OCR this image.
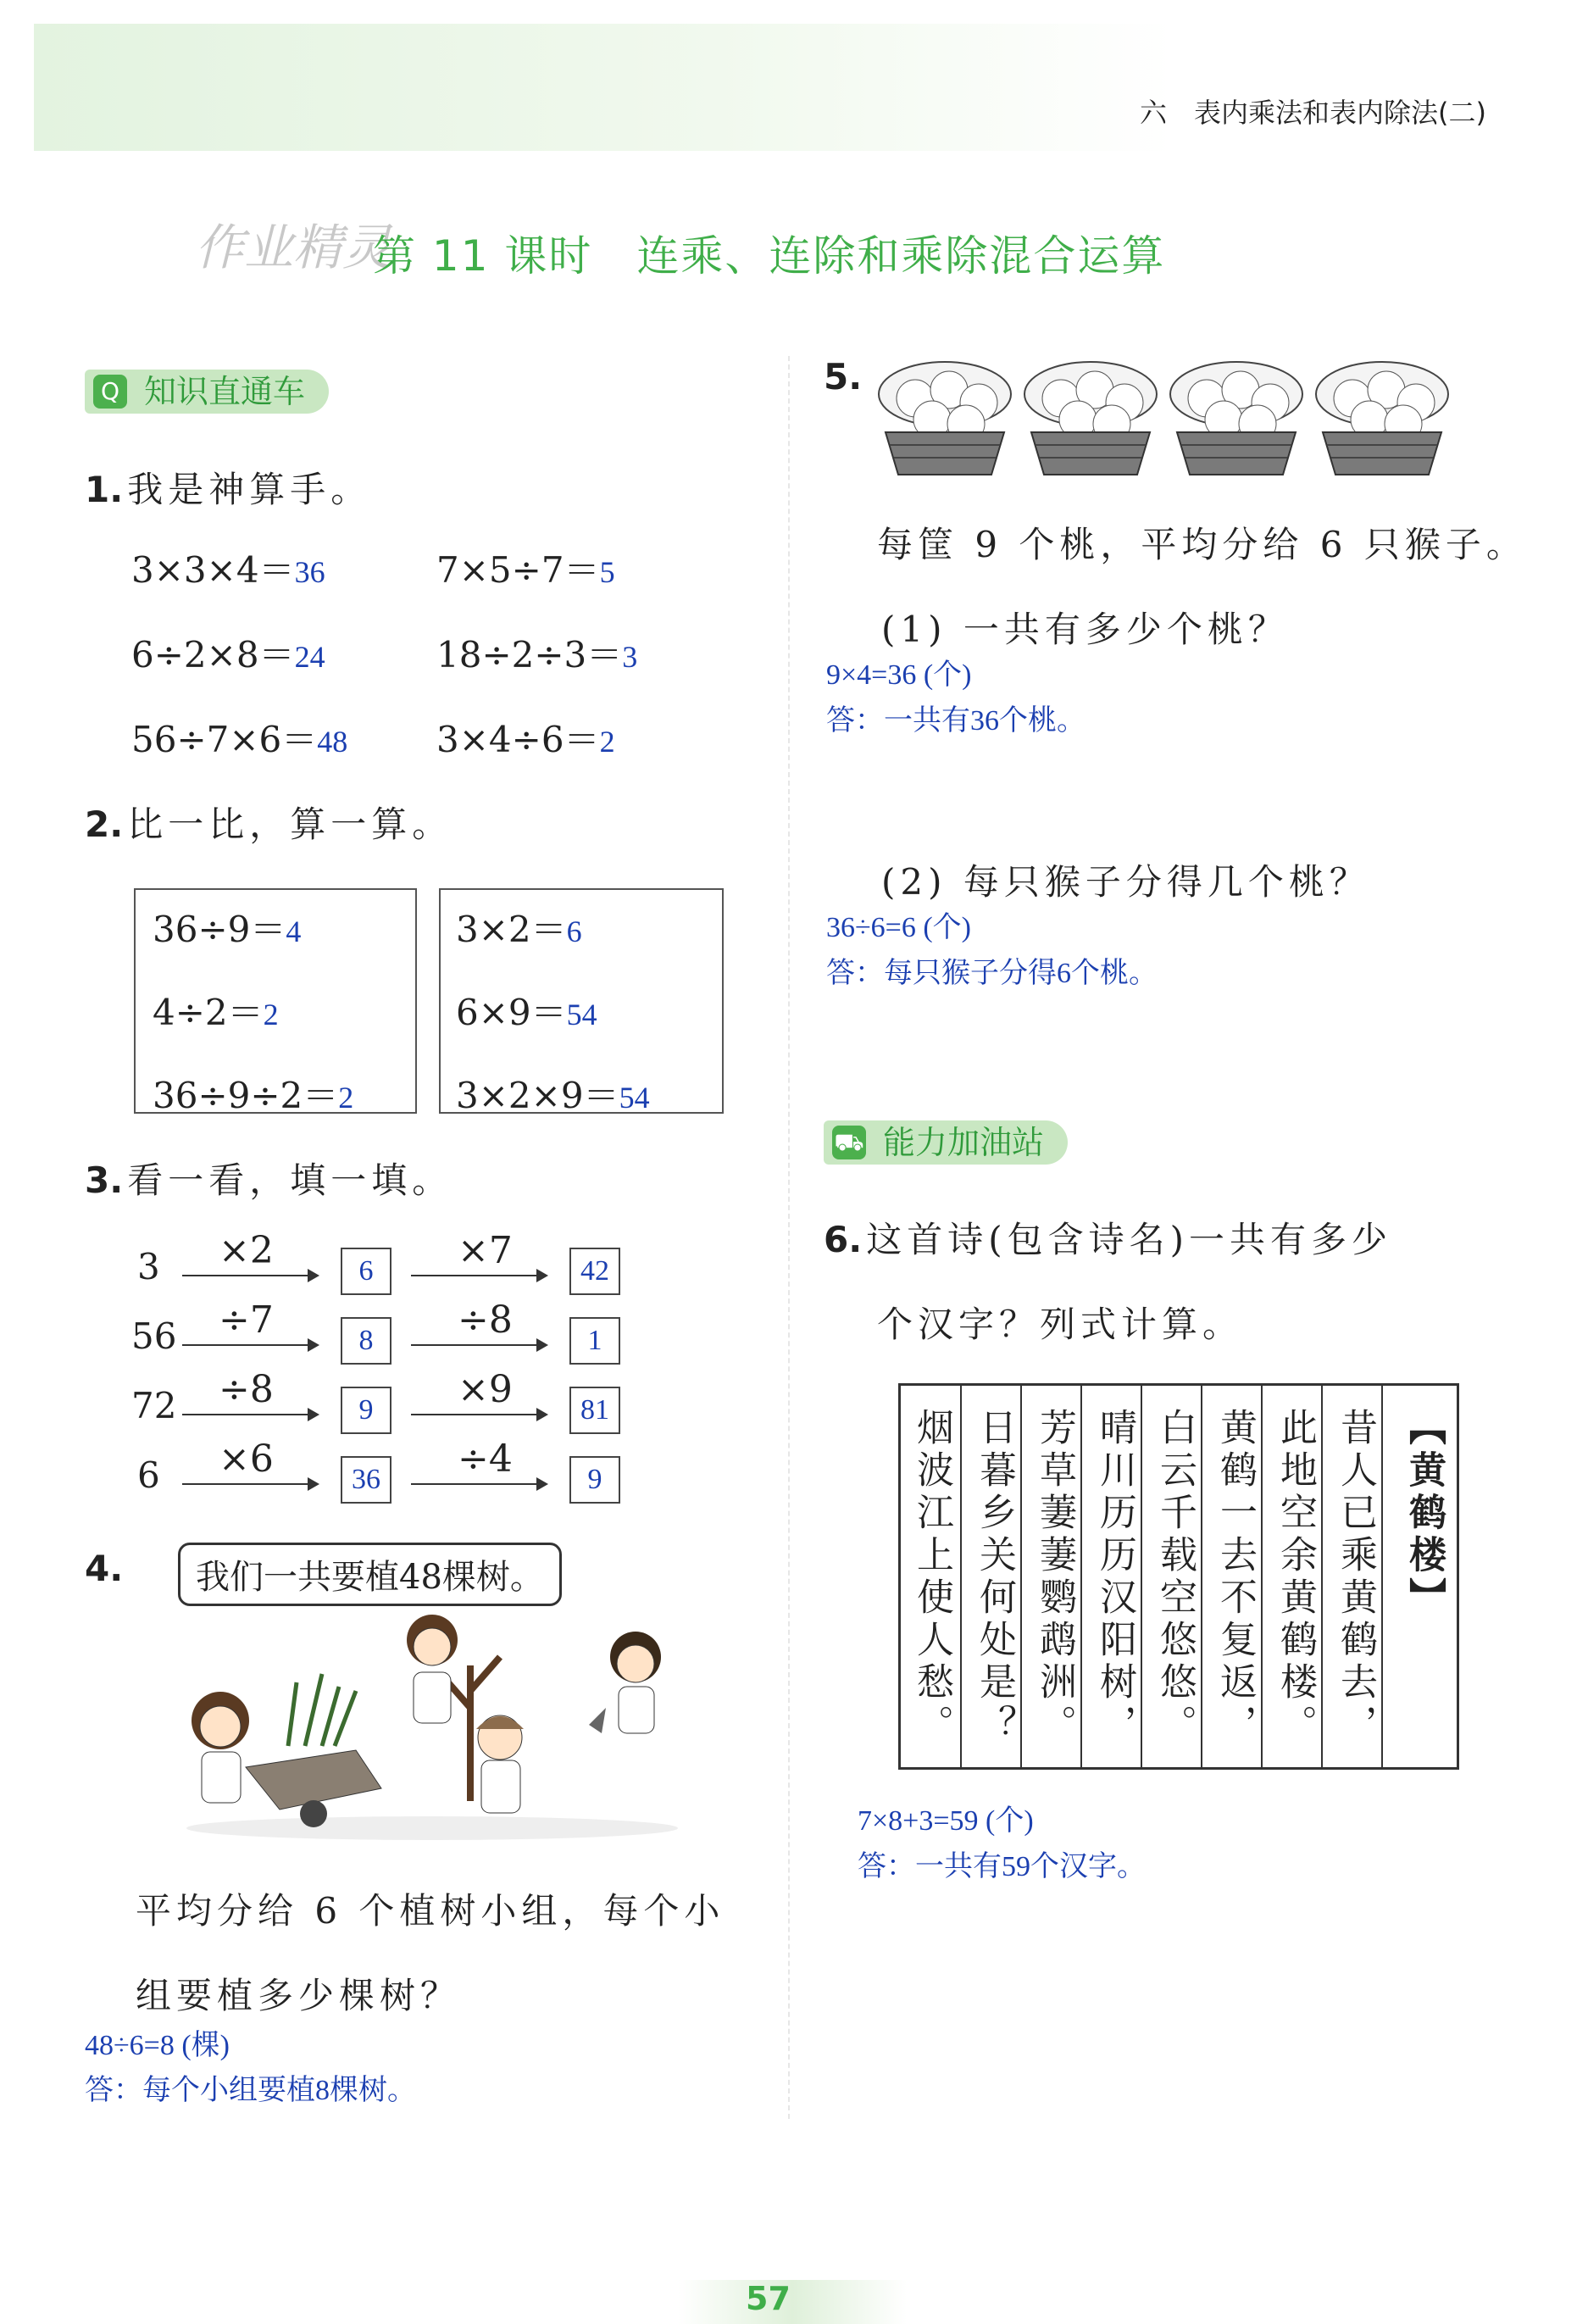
六　表内乘法和表内除法(二)
作业精灵
第 11 课时　连乘、连除和乘除混合运算
Q 知识直通车
1. 我是神算手。
3×3×4＝36	7×5÷7＝5
6÷2×8＝24	18÷2÷3＝3
56÷7×6＝48 3×4÷6＝2
2. 比一比，算一算。
36÷9＝4
4÷2＝2
36÷9÷2＝2
3×2＝6
6×9＝54
3×2×9＝54
3. 看一看，填一填。
3 ×2	6	×7	42
56 ÷7	8	÷8	1
72 ÷8	9	×9	81
6 ×6	36 ÷4	9
4.	我们一共要植48棵树。
平均分给 6 个植树小组，每个小
组要植多少棵树？
48÷6=8 (棵)
答：每个小组要植8棵树。
5.
每筐 9 个桃，平均分给 6 只猴子。
(1) 一共有多少个桃？
9×4=36 (个)
答：一共有36个桃。
(2) 每只猴子分得几个桃？
36÷6=6 (个)
答：每只猴子分得6个桃。
⛟ 能力加油站
6. 这首诗(包含诗名)一共有多少
个汉字？列式计算。
烟波江上使人愁。 日暮乡关何处是？ 芳草萋萋鹦鹉洲。 晴川历历汉阳树， 白云千载空悠悠。 黄鹤一去不复返， 此地空余黄鹤楼。 昔人已乘黄鹤去， 【黄鹤楼】
7×8+3=59 (个)
答：一共有59个汉字。
57
